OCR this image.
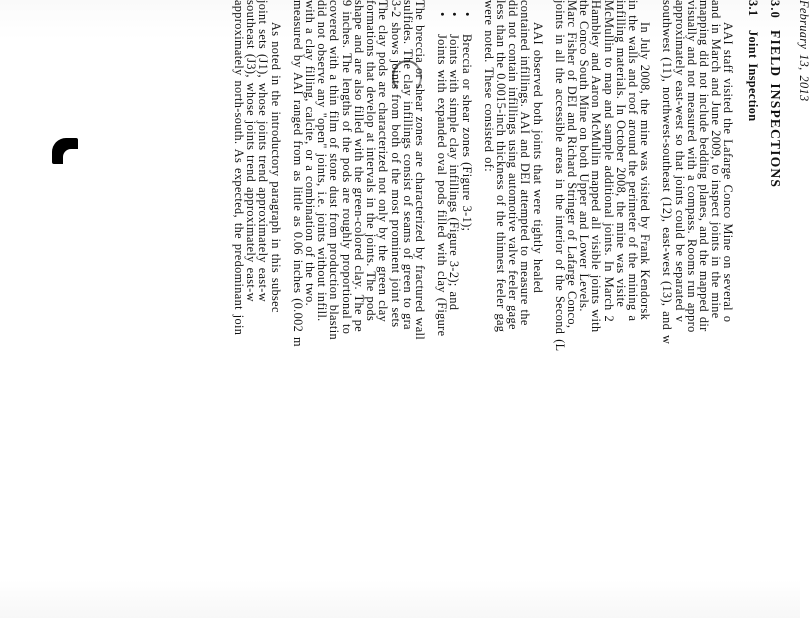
February 13, 2013
3.0
FIELD INSPECTIONS
3.1
Joint Inspection
AAI staff visited the Lafarge Conco Mine on several o
and in March and June 2009, to inspect joints in the mine
mapping did not include bedding planes, and the mapped dir
visually and not measured with a compass. Rooms run appro
approximately east-west so that joints could be separated v
southwest (11), northwest-southeast (12), east-west (13), and w
In July 2008, the mine was visited by Frank Kendorsk
in the walls and roof around the perimeter of the mining a
infilling materials. In October 2008, the mine was visite
McMullin to map and sample additional joints. In March 2
Hambley and Aaron McMullin mapped all visible joints with
the Conco South Mine on both Upper and Lower Levels.
Marc Fisher of DEI and Richard Stringer of Lafarge Conco,
joints in all the accessible areas in the interior of the Second (L
AAI observed both joints that were tightly healed
contained infillings. AAI and DEI attempted to measure the
did not contain infillings using automotive valve feeler gage
less than the 0.0015-inch thickness of the thinnest feeler gag
were noted. These consisted of:
• Breccia or shear zones (Figure 3-1);
• Joints with simple clay infillings (Figure 3-2); and
• Joints with expanded oval pods filled with clay (Figure
The breccia or shear zones are characterized by fractured wall
sulfides. The clay infillings consist of seams of green to gra
3-2 shows joints from both of the most prominent joint sets
The clay pods are characterized not only by the green clay
formations that develop at intervals in the joints. The pods
shape and are also filled with the green-colored clay. The pe
9 inches. The lengths of the pods are roughly proportional to
covered with a thin film of stone dust from production blastin
did not observe any "open" joints, i.e. joints without infill.
with a clay filling, calcite, or a combination of the two.
measured by AAI ranged from as little as 0.06 inches (0.002 m
As noted in the introductory paragraph in this subsec
joint sets (J1), whose joints trend approximately east-w
southeast (J3), whose joints trend approximately east-w
approximately north-south. As expected, the predominant join
